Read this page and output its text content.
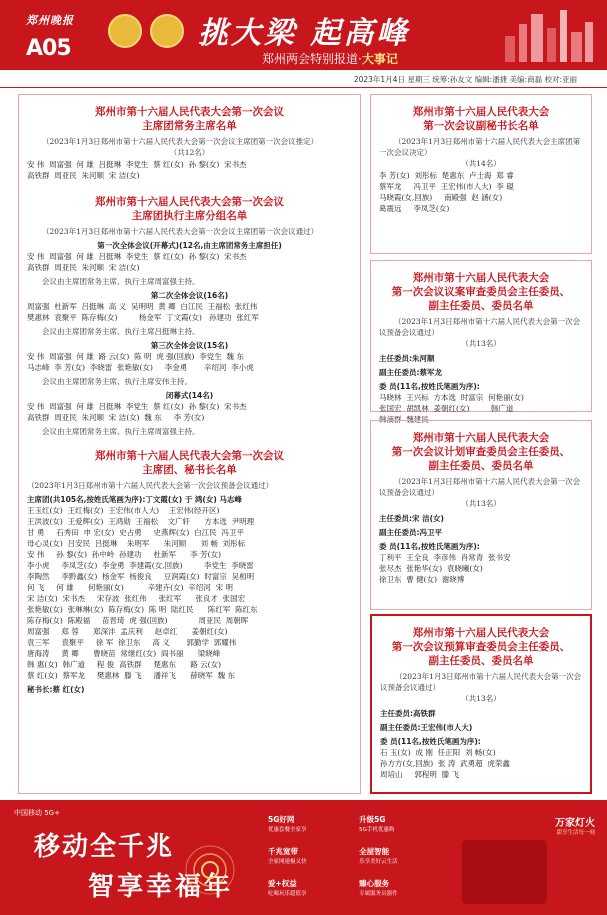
郑州晚报
A05	挑大梁 起高峰
郑州两会特别报道·大事记
2023年1月4日 星期三 统筹:孙友文 编辑:潘捷 美编:商磊 校对:亚丽
郑州市第十六届人民代表大会第一次会议
主席团常务主席名单
（2023年1月3日郑州市第十六届人民代表大会第一次会议主席团第一次会议推定）
（共12名）
安 伟  周富强  何 雄  吕挺琳  李党生  蔡 红(女)  孙 黎(女)  宋书杰
高铁群  周亚民  朱河顺  宋 洁(女)
郑州市第十六届人民代表大会第一次会议
主席团执行主席分组名单
（2023年1月3日郑州市第十六届人民代表大会第一次会议主席团第一次会议通过）
第一次全体会议(开幕式)(12名,由主席团常务主席担任)
安 伟  周富强  何 雄  吕挺琳  李党生  蔡 红(女)  孙 黎(女)  宋书杰
高铁群  周亚民  朱河顺  宋 洁(女)
会议由主席团常务主席、执行主席周富强主持。
第二次全体会议(16名)
周富强  杜新军  吕挺琳  高 义  吴明明  黄 卿  白江民  王福松  张红伟
樊惠林  袁聚平  陈存梅(女)         杨金军  丁文霞(女)   孙建功  张红军
会议由主席团常务主席、执行主席吕挺琳主持。
第三次全体会议(15名)
安 伟  周富强  何 雄  路 云(女)  陈 明  虎 强(回族)  李党生  魏 东
马志峰  李 芳(女)  李晓雷  张艳敏(女)     李金勇       辛绍河  李小虎
会议由主席团常务主席、执行主席安伟主持。
闭幕式(14名)
安 伟  周富强  何 雄  吕挺琳  李党生  蔡 红(女)  孙 黎(女)  宋书杰
高铁群  周亚民  朱河顺  宋 洁(女)  魏 东     李 芳(女)
会议由主席团常务主席、执行主席周富强主持。
郑州市第十六届人民代表大会第一次会议
主席团、秘书长名单
（2023年1月3日郑州市第十六届人民代表大会第一次会议预备会议通过）
主席团(共105名,按姓氏笔画为序):丁文霞(女) 于 鸿(女) 马志峰
王玉红(女)  王红梅(女)  王宏伟(市人大)    王宏伟(经开区)
王洪波(女)  王爱辉(女)  王鸿勋  王福松    文广轩      方本选  尹明理
甘 勇     石秀田  申 宏(女)  史占勇     史燕辉(女)  白江民  冯卫平
母心灵(女)  吕安民  吕挺琳    朱明军      朱河顺      刘 畅  刘彤标
安 伟     孙 黎(女)  孙中岭  孙建功     杜新军      李 芳(女)
李小虎     李凤芝(女)  李金勇  李建霞(女,回族)         李党生  李晓雷
李陶然     李黔鑫(女)  杨金军  杨俊良     豆润霞(女)  时富宗  吴相明
何 飞     何 雄      何艳丽(女)          辛建卉(女)  辛绍河  宋 明
宋 洁(女)  宋书杰     宋存波  张红伟     张红军      张良才  张国宏
张艳敏(女)  张琳琳(女)  陈存梅(女)  陈 明  陆红民      陈红军  陈红东
陈存梅(女)  陈殿福     苗晋琦  虎 强(回族)             周亚民  周朝晖
周富强     郑 蓉      郑深沣  孟庆利     赵卓红      姜朝红(女)
袁三军     袁聚平     徐 军  徐卫东     高 义       郭勤学  郭耀伟
唐海涛     黄 卿      曹晓苗  常继红(女)  阎书丽      梁晓峰
韩 惠(女)  韩广道     程 俊  高铁群     楚惠东      路 云(女)
蔡 红(女)  蔡军龙     樊惠林  滕 飞     潘祥飞      薛晓军  魏 东
秘书长:蔡 红(女)
郑州市第十六届人民代表大会
第一次会议副秘书长名单
（2023年1月3日郑州市第十六届人民代表大会主席团第一次会议决定）
（共14名）
李 芳(女)  刘彤标  楚惠东  卢士海  郑 睿
蔡军龙     冯卫平  王宏伟(市人大)  李 硯
马晓霞(女,回族)     南殿强  赵 涵(女)
葛震远     李凤芝(女)
郑州市第十六届人民代表大会
第一次会议议案审查委员会主任委员、
副主任委员、委员名单
（2023年1月3日郑州市第十六届人民代表大会第一次会议预备会议通过）
（共13名）
主任委员:朱河顺
副主任委员:蔡军龙
委 员(11名,按姓氏笔画为序):
马晓林  王兴标  方本选  时富宗  何艳丽(女)
张国宏  胡凯林  姜朝红(女)         韩广道
韩滴群  魏建民
郑州市第十六届人民代表大会
第一次会议计划审查委员会主任委员、
副主任委员、委员名单
（2023年1月3日郑州市第十六届人民代表大会第一次会议预备会议通过）
（共13名）
主任委员:宋 洁(女)
副主任委员:冯卫平
委 员(11名,按姓氏笔画为序):
丁利平  王全良  李彦伟  肖常青  张书安
张尽杰  张艳华(女)  袁晓曦(女)
徐卫东  曹 健(女)  谢晓博
郑州市第十六届人民代表大会
第一次会议预算审查委员会主任委员、
副主任委员、委员名单
（2023年1月3日郑州市第十六届人民代表大会第一次会议预备会议通过）
（共13名）
主任委员:高铁群
副主任委员:王宏伟(市人大)
委 员(11名,按姓氏笔画为序):
石 玉(女)  成 刚  任正阳  刘 畅(女)
孙方方(女,回族)  张 涛  武勇超  虎荣鑫
周培山     郭程明  滕 飞
中国移动 5G+
移动全千兆
智享幸福年
5G好网
优惠套餐全家享

升级5G
5G手机优惠购

千兆宽带
全家网速极又快

全屋智能
乐享美好云生活

爱+权益
吃喝玩乐超值享

臻心服务
专属服务员器件
万家灯火
甜享生活每一刻
